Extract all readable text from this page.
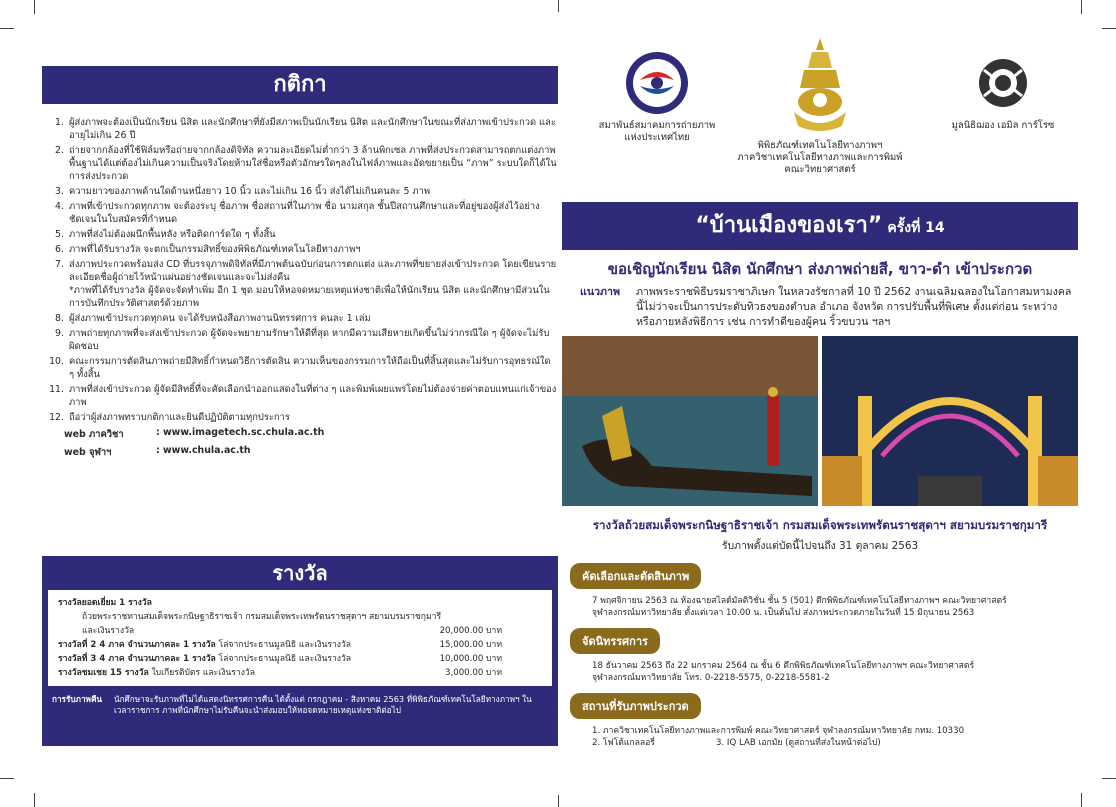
กติกา
1. ผู้ส่งภาพจะต้องเป็นนักเรียน นิสิต และนักศึกษาที่ยังมีสภาพเป็นนักเรียน นิสิต และนักศึกษาในขณะที่ส่งภาพเข้าประกวด และอายุไม่เกิน 26 ปี
2. ถ่ายจากกล้องที่ใช้ฟิล์มหรือถ่ายจากกล้องดิจิทัล ความละเอียดไม่ต่ำกว่า 3 ล้านพิกเซล ภาพที่ส่งประกวดสามารถตกแต่งภาพพื้นฐานได้แต่ต้องไม่เกินความเป็นจริงโดยห้ามใส่ชื่อหรือตัวอักษรใดๆลงในไฟล์ภาพและอัดขยายเป็น “ภาพ” ระบบใดก็ได้ในการส่งประกวด
3. ความยาวของภาพด้านใดด้านหนึ่งยาว 10 นิ้ว และไม่เกิน 16 นิ้ว ส่งได้ไม่เกินคนละ 5 ภาพ
4. ภาพที่เข้าประกวดทุกภาพ จะต้องระบุ ชื่อภาพ ชื่อสถานที่ในภาพ ชื่อ นามสกุล ชั้นปีสถานศึกษาและที่อยู่ของผู้ส่งไว้อย่างชัดเจนในใบสมัครที่กำหนด
5. ภาพที่ส่งไม่ต้องผนึกพื้นหลัง หรือติดการ์ดใด ๆ ทั้งสิ้น
6. ภาพที่ได้รับรางวัล จะตกเป็นกรรมสิทธิ์ของพิพิธภัณฑ์เทคโนโลยีทางภาพฯ
7. ส่งภาพประกวดพร้อมส่ง CD ที่บรรจุภาพดิจิทัลที่มีภาพต้นฉบับก่อนการตกแต่ง และภาพที่ขยายส่งเข้าประกวด โดยเขียนรายละเอียดชื่อผู้ถ่ายไว้หน้าแผ่นอย่างชัดเจนและจะไม่ส่งคืน
*ภาพที่ได้รับรางวัล ผู้จัดจะจัดทำเพิ่ม อีก 1 ชุด มอบให้หอจดหมายเหตุแห่งชาติเพื่อให้นักเรียน นิสิต และนักศึกษามีส่วนในการบันทึกประวัติศาสตร์ด้วยภาพ
8. ผู้ส่งภาพเข้าประกวดทุกคน จะได้รับหนังสือภาพงานนิทรรศการ คนละ 1 เล่ม
9. ภาพถ่ายทุกภาพที่จะส่งเข้าประกวด ผู้จัดจะพยายามรักษาให้ดีที่สุด หากมีความเสียหายเกิดขึ้นไม่ว่ากรณีใด ๆ ผู้จัดจะไม่รับผิดชอบ
10. คณะกรรมการตัดสินภาพถ่ายมีสิทธิ์กำหนดวิธีการตัดสิน ความเห็นของกรรมการให้ถือเป็นที่สิ้นสุดและไม่รับการอุทธรณ์ใด ๆ ทั้งสิ้น
11. ภาพที่ส่งเข้าประกวด ผู้จัดมีสิทธิ์ที่จะคัดเลือกนำออกแสดงในที่ต่าง ๆ และพิมพ์เผยแพร่โดยไม่ต้องจ่ายค่าตอบแทนแก่เจ้าของภาพ
12. ถือว่าผู้ส่งภาพทราบกติกาและยินดีปฏิบัติตามทุกประการ
web ภาควิชา	: www.imagetech.sc.chula.ac.th
web จุฬาฯ	: www.chula.ac.th
รางวัล
รางวัลยอดเยี่ยม 1 รางวัล
ถ้วยพระราชทานสมเด็จพระกนิษฐาธิราชเจ้า กรมสมเด็จพระเทพรัตนราชสุดาฯ สยามบรมราชกุมารี
และเงินรางวัล	20,000.00 บาท
รางวัลที่ 2 4 ภาค จำนวนภาคละ 1 รางวัล โล่จากประธานมูลนิธิ และเงินรางวัล	15,000.00 บาท
รางวัลที่ 3 4 ภาค จำนวนภาคละ 1 รางวัล โล่จากประธานมูลนิธิ และเงินรางวัล	10,000.00 บาท
รางวัลชมเชย 15 รางวัล ใบเกียรติบัตร และเงินรางวัล	3,000.00 บาท
การรับภาพคืน	นักศึกษาจะรับภาพที่ไม่ได้แสดงนิทรรศการคืน ได้ตั้งแต่ กรกฎาคม - สิงหาคม 2563 ที่พิพิธภัณฑ์เทคโนโลยีทางภาพฯ ในเวลาราชการ ภาพที่นักศึกษาไม่รับคืนจะนำส่งมอบให้หอจดหมายเหตุแห่งชาติต่อไป
สมาพันธ์สมาคมการถ่ายภาพ
แห่งประเทศไทย
พิพิธภัณฑ์เทคโนโลยีทางภาพฯ
ภาควิชาเทคโนโลยีทางภาพและการพิมพ์
คณะวิทยาศาสตร์
มูลนิธิฌอง เอมิล การ์โรซ
“บ้านเมืองของเรา” ครั้งที่ 14
ขอเชิญนักเรียน นิสิต นักศึกษา ส่งภาพถ่ายสี, ขาว-ดำ เข้าประกวด
แนวภาพ	ภาพพระราชพิธีบรมราชาภิเษก ในหลวงรัชกาลที่ 10 ปี 2562 งานเฉลิมฉลองในโอกาสมหามงคลนี้ไม่ว่าจะเป็นการประดับทิวธงของตำบล อำเภอ จังหวัด การปรับพื้นที่พิเศษ ตั้งแต่ก่อน ระหว่าง หรือภายหลังพิธีการ เช่น การทำดีของผู้คน ริ้วขบวน ฯลฯ
รางวัลถ้วยสมเด็จพระกนิษฐาธิราชเจ้า กรมสมเด็จพระเทพรัตนราชสุดาฯ สยามบรมราชกุมารี
รับภาพตั้งแต่บัดนี้ไปจนถึง 31 ตุลาคม 2563
คัดเลือกและตัดสินภาพ
7 พฤศจิกายน 2563 ณ ห้องฉายสไลด์มัลติวิชั่น ชั้น 5 (501) ตึกพิพิธภัณฑ์เทคโนโลยีทางภาพฯ คณะวิทยาศาสตร์
จุฬาลงกรณ์มหาวิทยาลัย ตั้งแต่เวลา 10.00 น. เป็นต้นไป ส่งภาพประกวดภายในวันที่ 15 มิถุนายน 2563
จัดนิทรรศการ
18 ธันวาคม 2563 ถึง 22 มกราคม 2564 ณ ชั้น 6 ตึกพิพิธภัณฑ์เทคโนโลยีทางภาพฯ คณะวิทยาศาสตร์
จุฬาลงกรณ์มหาวิทยาลัย โทร. 0-2218-5575, 0-2218-5581-2
สถานที่รับภาพประกวด
1. ภาควิชาเทคโนโลยีทางภาพและการพิมพ์ คณะวิทยาศาสตร์ จุฬาลงกรณ์มหาวิทยาลัย กทม. 10330
2. โฟโต้แกลลอรี่	3. IQ LAB เอกมัย (ดูสถานที่ส่งในหน้าต่อไป)
